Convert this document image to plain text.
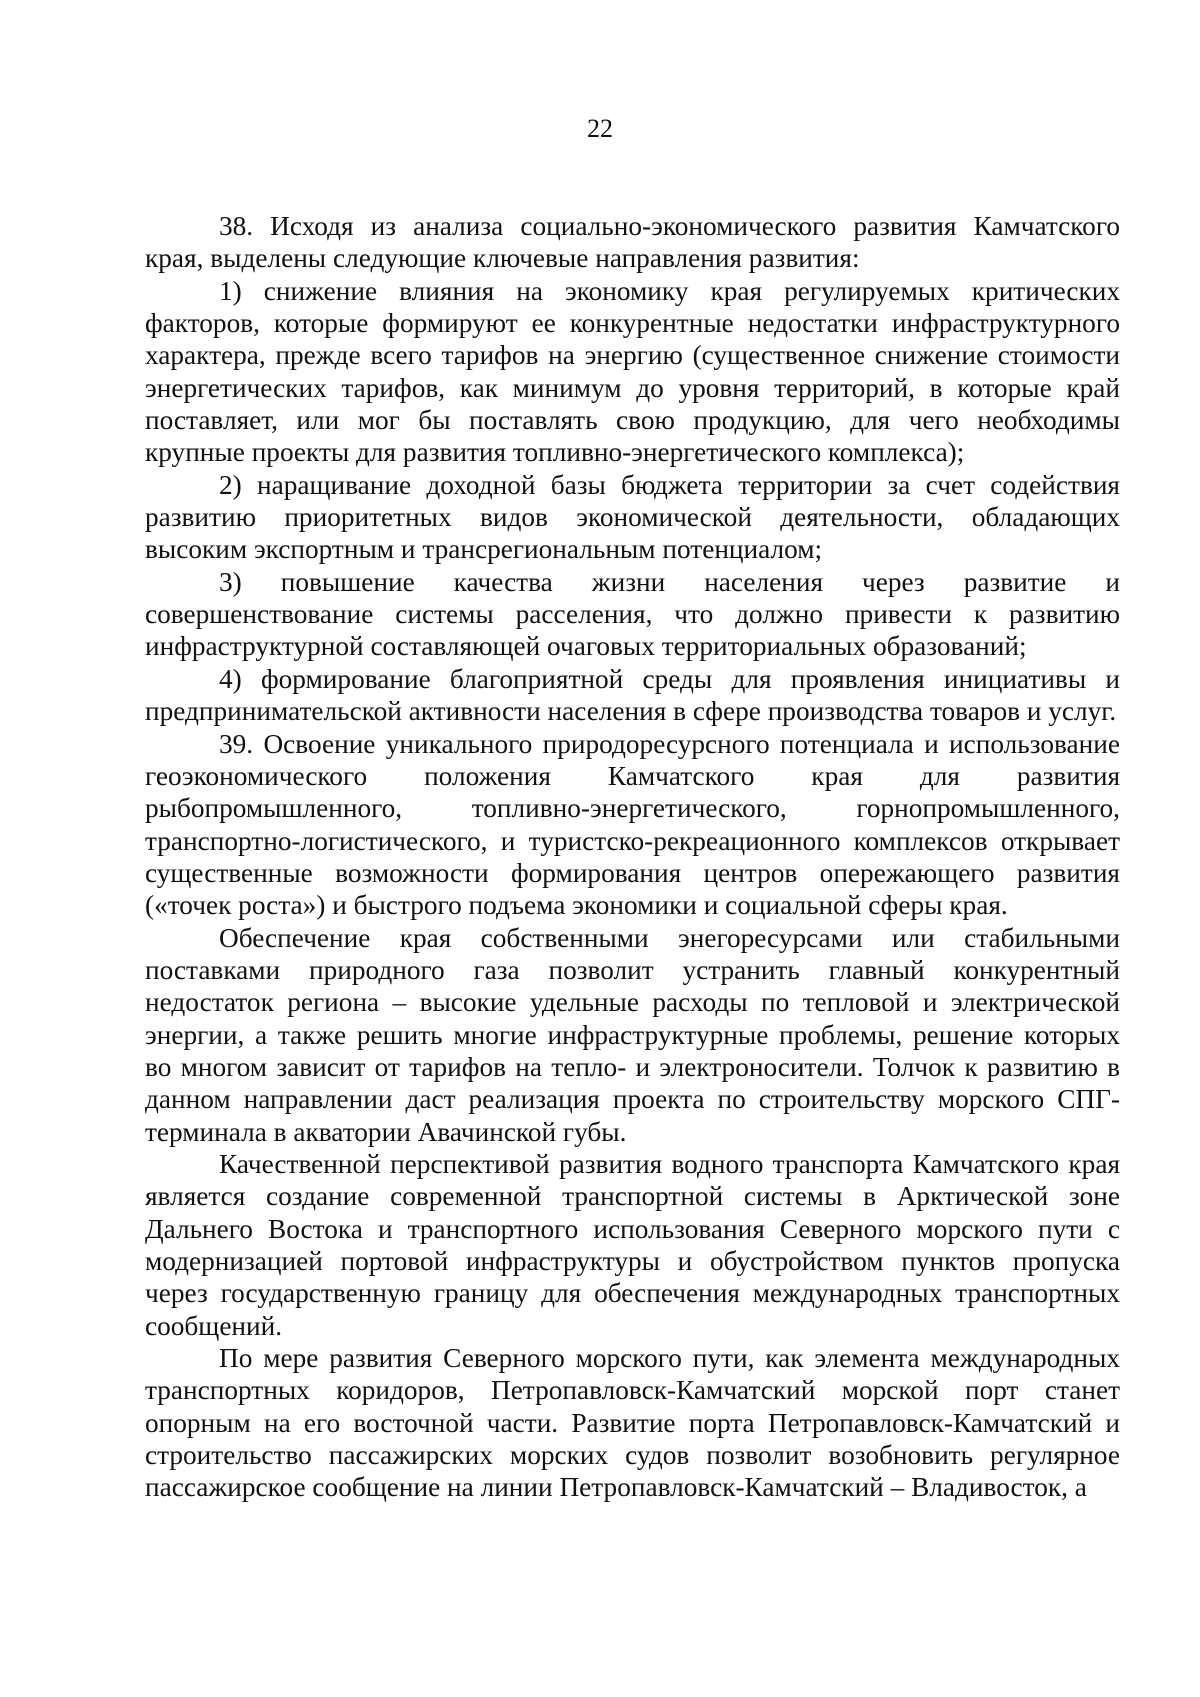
22

38. Исходя из анализа социально-экономического развития Камчатского края, выделены следующие ключевые направления развития:

1) снижение влияния на экономику края регулируемых критических факторов, которые формируют ее конкурентные недостатки инфраструктурного характера, прежде всего тарифов на энергию (существенное снижение стоимости энергетических тарифов, как минимум до уровня территорий, в которые край поставляет, или мог бы поставлять свою продукцию, для чего необходимы крупные проекты для развития топливно-энергетического комплекса);

2) наращивание доходной базы бюджета территории за счет содействия развитию приоритетных видов экономической деятельности, обладающих высоким экспортным и трансрегиональным потенциалом;

3) повышение качества жизни населения через развитие и совершенствование системы расселения, что должно привести к развитию инфраструктурной составляющей очаговых территориальных образований;

4) формирование благоприятной среды для проявления инициативы и предпринимательской активности населения в сфере производства товаров и услуг.

39. Освоение уникального природоресурсного потенциала и использование геоэкономического положения Камчатского края для развития рыбопромышленного, топливно-энергетического, горнопромышленного, транспортно-логистического, и туристско-рекреационного комплексов открывает существенные возможности формирования центров опережающего развития («точек роста») и быстрого подъема экономики и социальной сферы края.

Обеспечение края собственными энегоресурсами или стабильными поставками природного газа позволит устранить главный конкурентный недостаток региона – высокие удельные расходы по тепловой и электрической энергии, а также решить многие инфраструктурные проблемы, решение которых во многом зависит от тарифов на тепло- и электроносители. Толчок к развитию в данном направлении даст реализация проекта по строительству морского СПГ-терминала в акватории Авачинской губы.

Качественной перспективой развития водного транспорта Камчатского края является создание современной транспортной системы в Арктической зоне Дальнего Востока и транспортного использования Северного морского пути с модернизацией портовой инфраструктуры и обустройством пунктов пропуска через государственную границу для обеспечения международных транспортных сообщений.

По мере развития Северного морского пути, как элемента международных транспортных коридоров, Петропавловск-Камчатский морской порт станет опорным на его восточной части. Развитие порта Петропавловск-Камчатский и строительство пассажирских морских судов позволит возобновить регулярное пассажирское сообщение на линии Петропавловск-Камчатский – Владивосток, а
